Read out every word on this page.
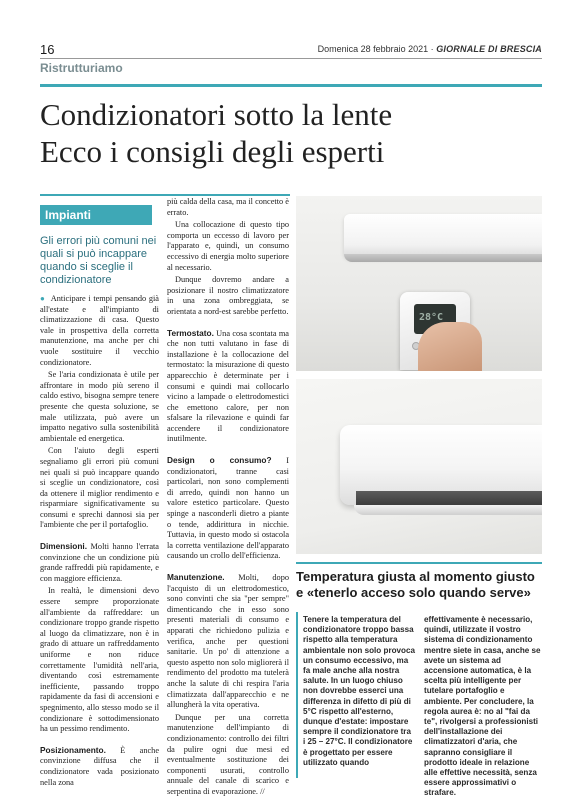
16	Domenica 28 febbraio 2021 · GIORNALE DI BRESCIA
Ristrutturiamo
Condizionatori sotto la lente
Ecco i consigli degli esperti
Impianti
Gli errori più comuni nei quali si può incappare quando si sceglie il condizionatore

● Anticipare i tempi pensando già all'estate e all'impianto di climatizzazione di casa. Questo vale in prospettiva della corretta manutenzione, ma anche per chi vuole sostituire il vecchio condizionatore.

Se l'aria condizionata è utile per affrontare in modo più sereno il caldo estivo, bisogna sempre tenere presente che questa soluzione, se male utilizzata, può avere un impatto negativo sulla sostenibilità ambientale ed energetica.

Con l'aiuto degli esperti segnaliamo gli errori più comuni nei quali si può incappare quando si sceglie un condizionatore, così da ottenere il miglior rendimento e risparmiare significativamente su consumi e sprechi dannosi sia per l'ambiente che per il portafoglio.

Dimensioni. Molti hanno l'errata convinzione che un condizione più grande raffreddi più rapidamente, e con maggiore efficienza.

In realtà, le dimensioni devo essere sempre proporzionate all'ambiente da raffreddare: un condizionare troppo grande rispetto al luogo da climatizzare, non è in grado di attuare un raffreddamento uniforme e non riduce correttamente l'umidità nell'aria, diventando così estremamente inefficiente, passando troppo rapidamente da fasi di accensioni e spegnimento, allo stesso modo se il condizionare è sottodimensionato ha un pessimo rendimento.

Posizionamento. È anche convinzione diffusa che il condizionatore vada posizionato nella zona

più calda della casa, ma il concetto è errato.

Una collocazione di questo tipo comporta un eccesso di lavoro per l'apparato e, quindi, un consumo eccessivo di energia molto superiore al necessario.

Dunque dovremo andare a posizionare il nostro climatizzatore in una zona ombreggiata, se orientata a nord-est sarebbe perfetto.

Termostato. Una cosa scontata ma che non tutti valutano in fase di installazione è la collocazione del termostato: la misurazione di questo apparecchio è determinate per i consumi e quindi mai collocarlo vicino a lampade o elettrodomestici che emettono calore, per non sfalsare la rilevazione e quindi far accendere il condizionatore inutilmente.

Design o consumo? I condizionatori, tranne casi particolari, non sono complementi di arredo, quindi non hanno un valore estetico particolare. Questo spinge a nasconderli dietro a piante o tende, addirittura in nicchie. Tuttavia, in questo modo si ostacola la corretta ventilazione dell'apparato causando un crollo dell'efficienza.

Manutenzione. Molti, dopo l'acquisto di un elettrodomestico, sono convinti che sia "per sempre" dimenticando che in esso sono presenti materiali di consumo e apparati che richiedono pulizia e verifica, anche per questioni sanitarie. Un po' di attenzione a questo aspetto non solo migliorerà il rendimento del prodotto ma tutelerà anche la salute di chi respira l'aria climatizzata dall'apparecchio e ne allungherà la vita operativa.

Dunque per una corretta manutenzione dell'impianto di condizionamento: controllo dei filtri da pulire ogni due mesi ed eventualmente sostituzione dei componenti usurati, controllo annuale del canale di scarico e serpentina di evaporazione. //

28°C
Temperatura giusta al momento giusto
e «tenerlo acceso solo quando serve»

Tenere la temperatura del condizionatore troppo bassa rispetto alla temperatura ambientale non solo provoca un consumo eccessivo, ma fa male anche alla nostra salute. In un luogo chiuso non dovrebbe esserci una differenza in difetto di più di 5°C rispetto all'esterno, dunque d'estate: impostare sempre il condizionatore tra i 25 – 27°C. Il condizionatore è progettato per essere utilizzato quando

effettivamente è necessario, quindi, utilizzate il vostro sistema di condizionamento mentre siete in casa, anche se avete un sistema ad accensione automatica, è la scelta più intelligente per tutelare portafoglio e ambiente. Per concludere, la regola aurea è: no al "fai da te", rivolgersi a professionisti dell'installazione dei climatizzatori d'aria, che sapranno consigliare il prodotto ideale in relazione alle effettive necessità, senza essere approssimativi o strafare.
